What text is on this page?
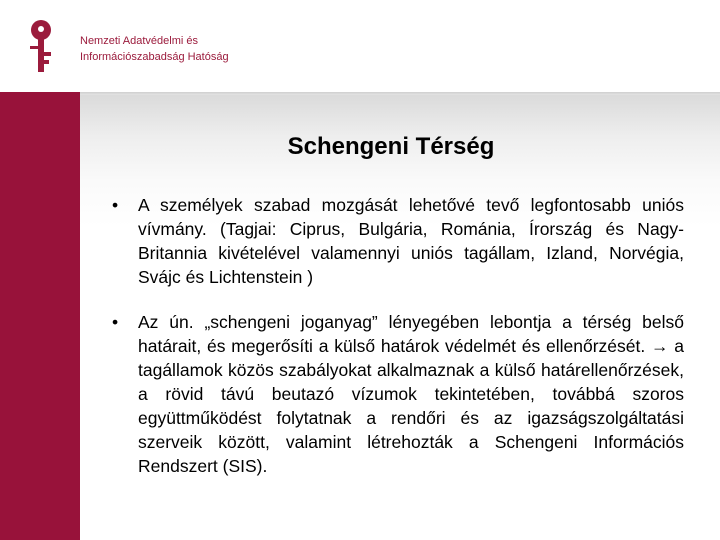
Nemzeti Adatvédelmi és
Információszabadság Hatóság
Schengeni Térség
•	A személyek szabad mozgását lehetővé tevő legfontosabb uniós vívmány. (Tagjai: Ciprus, Bulgária, Románia, Írország és Nagy-Britannia kivételével valamennyi uniós tagállam, Izland, Norvégia, Svájc és Lichtenstein )
•	Az ún. „schengeni joganyag” lényegében lebontja a térség belső határait, és megerősíti a külső határok védelmét és ellenőrzését. → a tagállamok közös szabályokat alkalmaznak a külső határellenőrzések, a rövid távú beutazó vízumok tekintetében, továbbá szoros együttműködést folytatnak a rendőri és az igazságszolgáltatási szerveik között, valamint létrehozták a Schengeni Információs Rendszert (SIS).
